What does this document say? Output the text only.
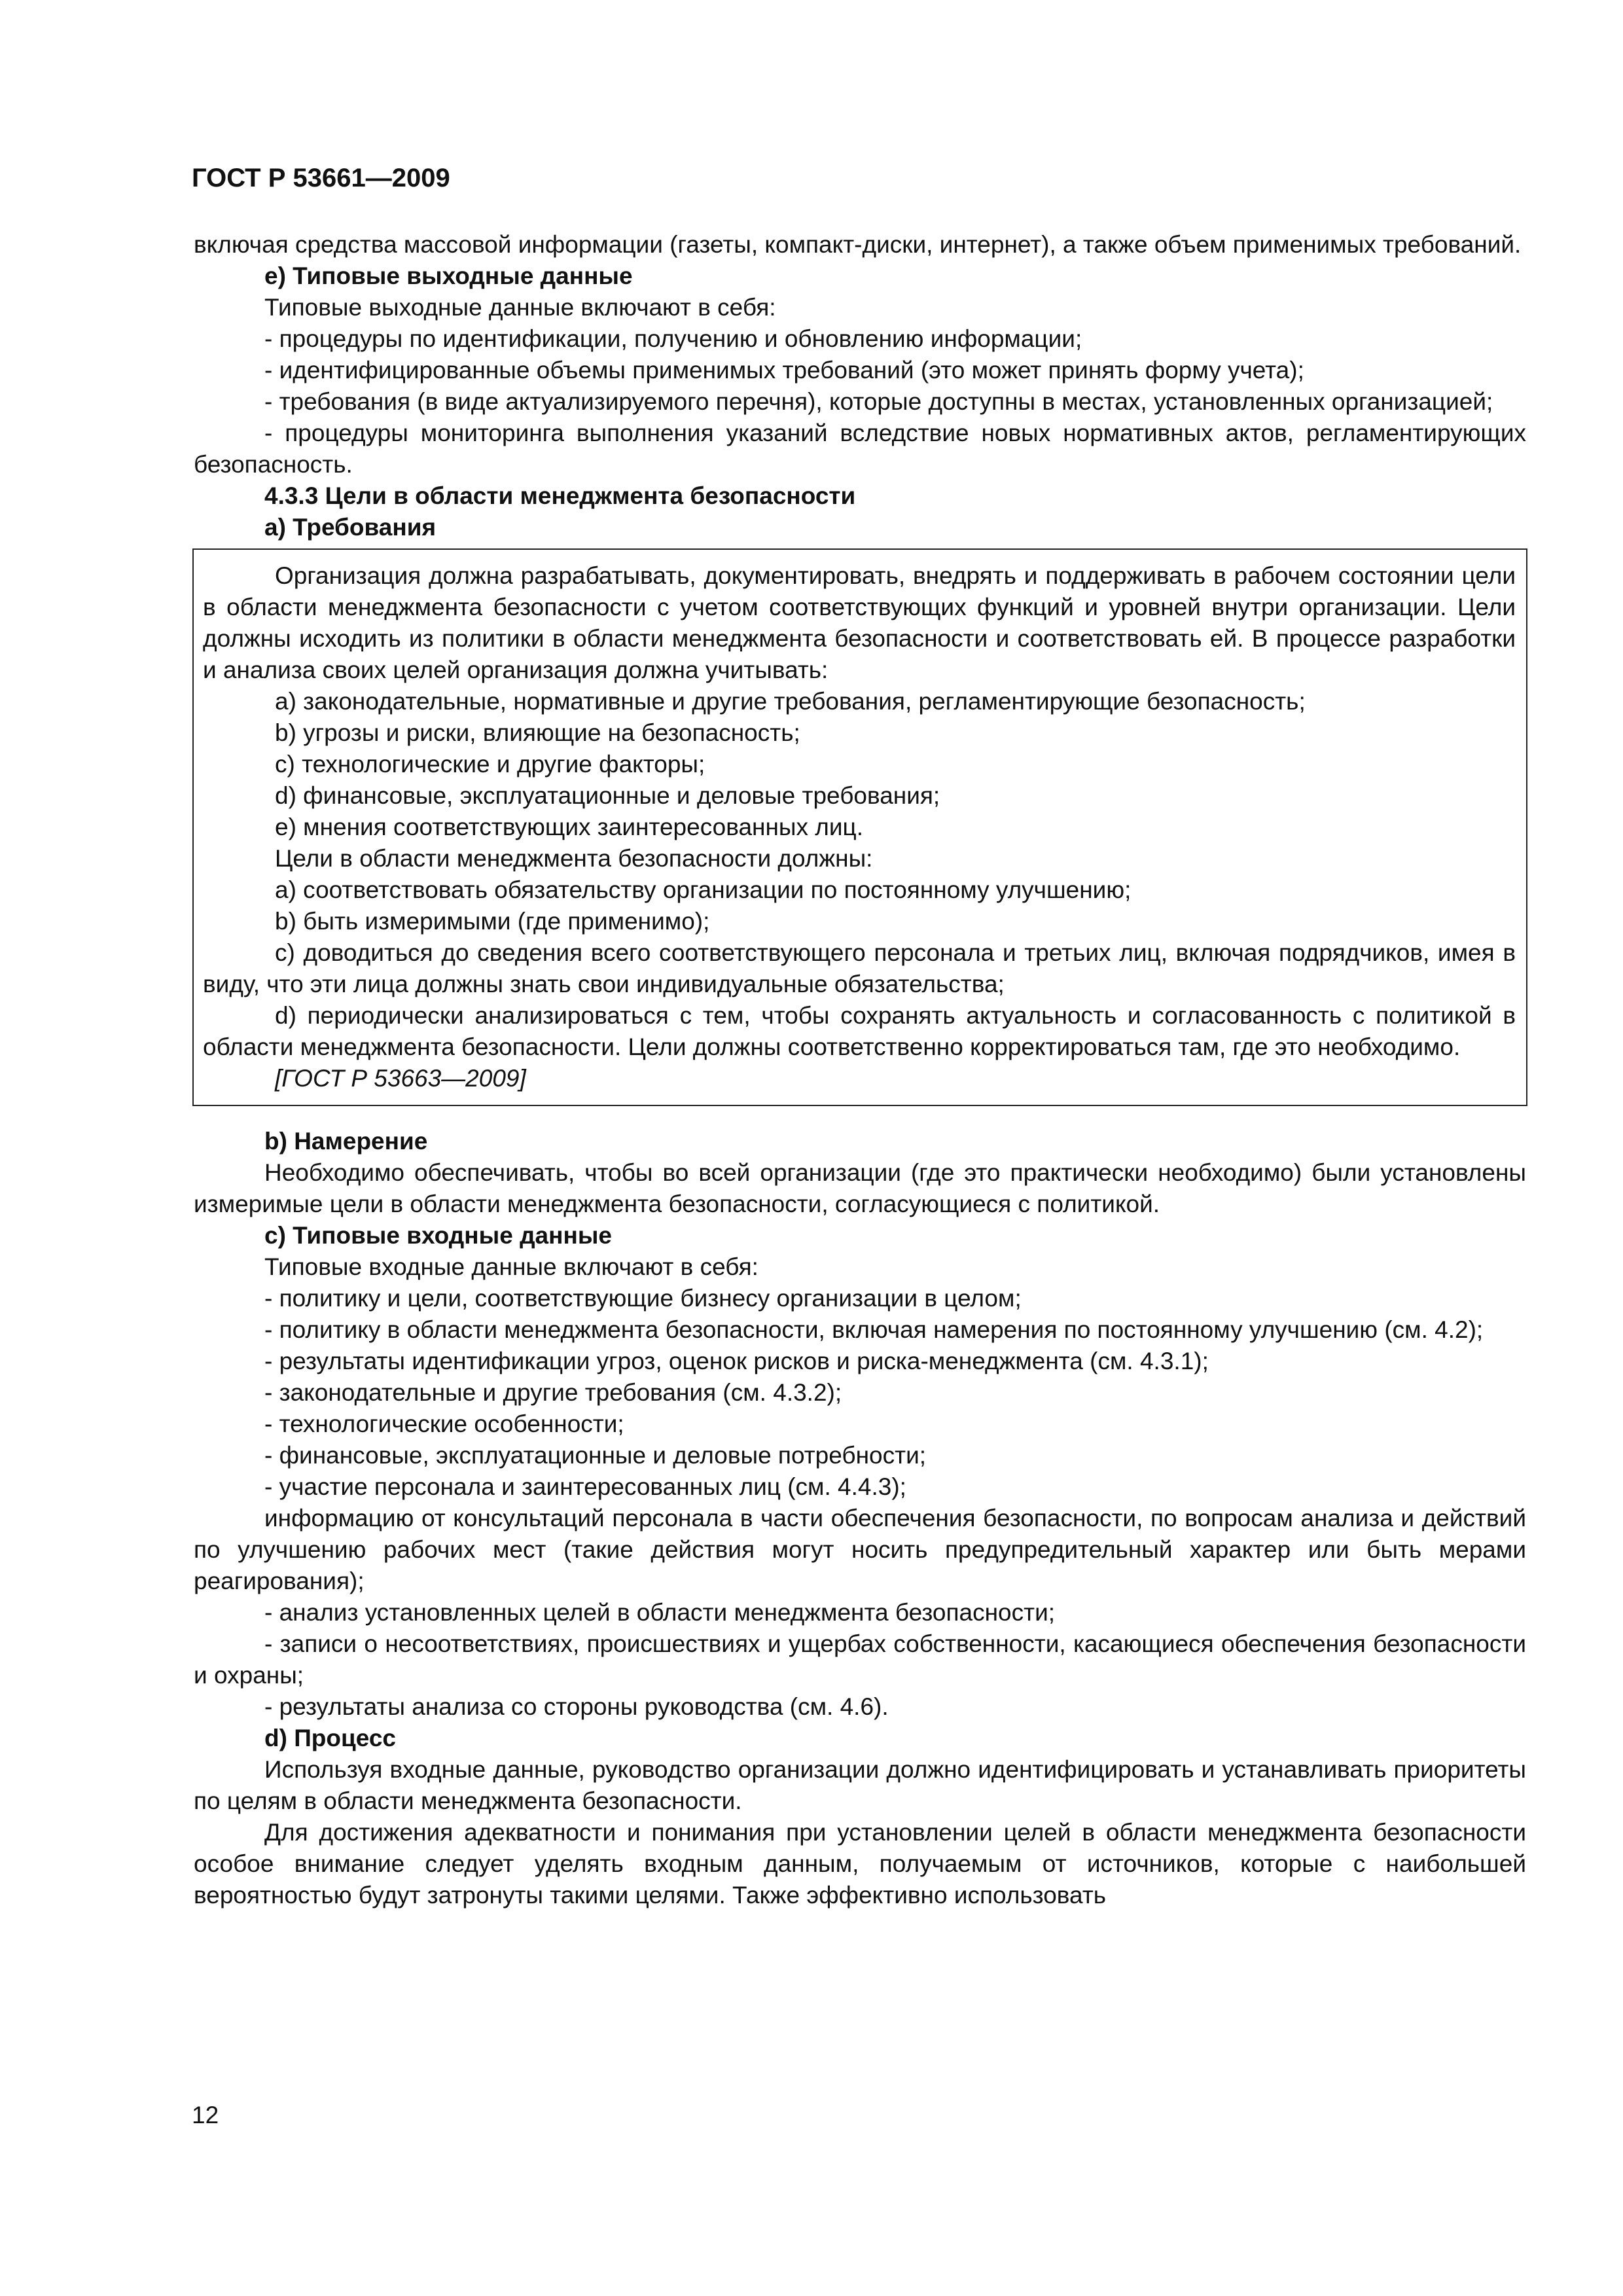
ГОСТ Р 53661—2009

включая средства массовой информации (газеты, компакт-диски, интернет), а также объем применимых требований.

e) Типовые выходные данные

Типовые выходные данные включают в себя:

- процедуры по идентификации, получению и обновлению информации;

- идентифицированные объемы применимых требований (это может принять форму учета);

- требования (в виде актуализируемого перечня), которые доступны в местах, установленных организацией;

- процедуры мониторинга выполнения указаний вследствие новых нормативных актов, регламентирующих безопасность.

4.3.3 Цели в области менеджмента безопасности

a) Требования

Организация должна разрабатывать, документировать, внедрять и поддерживать в рабочем состоянии цели в области менеджмента безопасности с учетом соответствующих функций и уровней внутри организации. Цели должны исходить из политики в области менеджмента безопасности и соответствовать ей. В процессе разработки и анализа своих целей организация должна учитывать:

a) законодательные, нормативные и другие требования, регламентирующие безопасность;

b) угрозы и риски, влияющие на безопасность;

c) технологические и другие факторы;

d) финансовые, эксплуатационные и деловые требования;

e) мнения соответствующих заинтересованных лиц.

Цели в области менеджмента безопасности должны:

a) соответствовать обязательству организации по постоянному улучшению;

b) быть измеримыми (где применимо);

c) доводиться до сведения всего соответствующего персонала и третьих лиц, включая подрядчиков, имея в виду, что эти лица должны знать свои индивидуальные обязательства;

d) периодически анализироваться с тем, чтобы сохранять актуальность и согласованность с политикой в области менеджмента безопасности. Цели должны соответственно корректироваться там, где это необходимо.

[ГОСТ Р 53663—2009]

b) Намерение

Необходимо обеспечивать, чтобы во всей организации (где это практически необходимо) были установлены измеримые цели в области менеджмента безопасности, согласующиеся с политикой.

c) Типовые входные данные

Типовые входные данные включают в себя:

- политику и цели, соответствующие бизнесу организации в целом;

- политику в области менеджмента безопасности, включая намерения по постоянному улучшению (см. 4.2);

- результаты идентификации угроз, оценок рисков и риска-менеджмента (см. 4.3.1);

- законодательные и другие требования (см. 4.3.2);

- технологические особенности;

- финансовые, эксплуатационные и деловые потребности;

- участие персонала и заинтересованных лиц (см. 4.4.3);

информацию от консультаций персонала в части обеспечения безопасности, по вопросам анализа и действий по улучшению рабочих мест (такие действия могут носить предупредительный характер или быть мерами реагирования);

- анализ установленных целей в области менеджмента безопасности;

- записи о несоответствиях, происшествиях и ущербах собственности, касающиеся обеспечения безопасности и охраны;

- результаты анализа со стороны руководства (см. 4.6).

d) Процесс

Используя входные данные, руководство организации должно идентифицировать и устанавливать приоритеты по целям в области менеджмента безопасности.

Для достижения адекватности и понимания при установлении целей в области менеджмента безопасности особое внимание следует уделять входным данным, получаемым от источников, которые с наибольшей вероятностью будут затронуты такими целями. Также эффективно использовать

12
